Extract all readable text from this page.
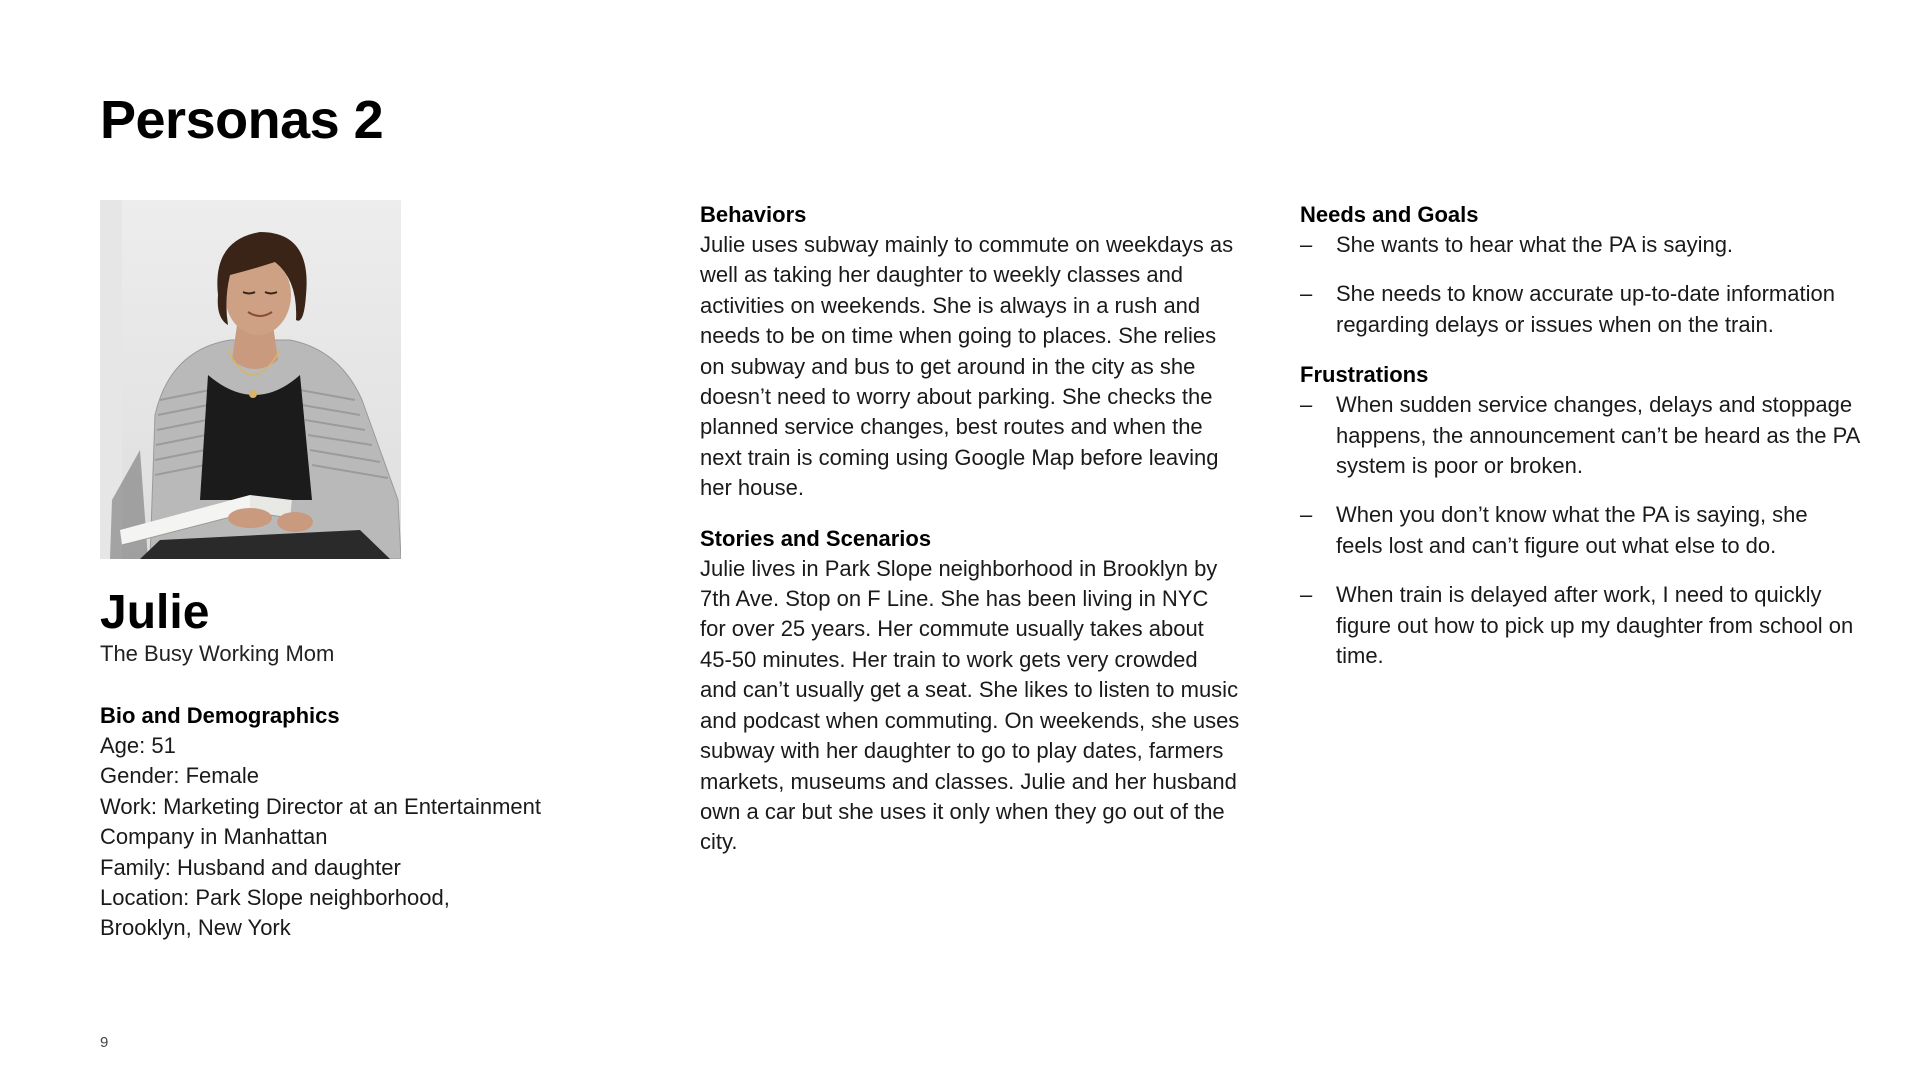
Personas 2
Julie

The Busy Working Mom

Bio and Demographics
Age: 51
Gender: Female
Work: Marketing Director at an Entertainment
Company in Manhattan
Family: Husband and daughter
Location: Park Slope neighborhood,
Brooklyn, New York
Behaviors

Julie uses subway mainly to commute on weekdays as well as taking her daughter to weekly classes and activities on weekends. She is always in a rush and needs to be on time when going to places. She relies on subway and bus to get around in the city as she doesn’t need to worry about parking. She checks the planned service changes, best routes and when the next train is coming using Google Map before leaving her house.

Stories and Scenarios

Julie lives in Park Slope neighborhood in Brooklyn by 7th Ave. Stop on F Line. She has been living in NYC for over 25 years. Her commute usually takes about 45-50 minutes. Her train to work gets very crowded and can’t usually get a seat. She likes to listen to music and podcast when commuting. On weekends, she uses subway with her daughter to go to play dates, farmers markets, museums and classes. Julie and her husband own a car but she uses it only when they go out of the city.

Needs and Goals
– She wants to hear what the PA is saying.
– She needs to know accurate up-to-date information regarding delays or issues when on the train.
Frustrations
– When sudden service changes, delays and stoppage happens, the announcement can’t be heard as the PA system is poor or broken.
– When you don’t know what the PA is saying, she feels lost and can’t figure out what else to do.
– When train is delayed after work, I need to quickly figure out how to pick up my daughter from school on time.
9
